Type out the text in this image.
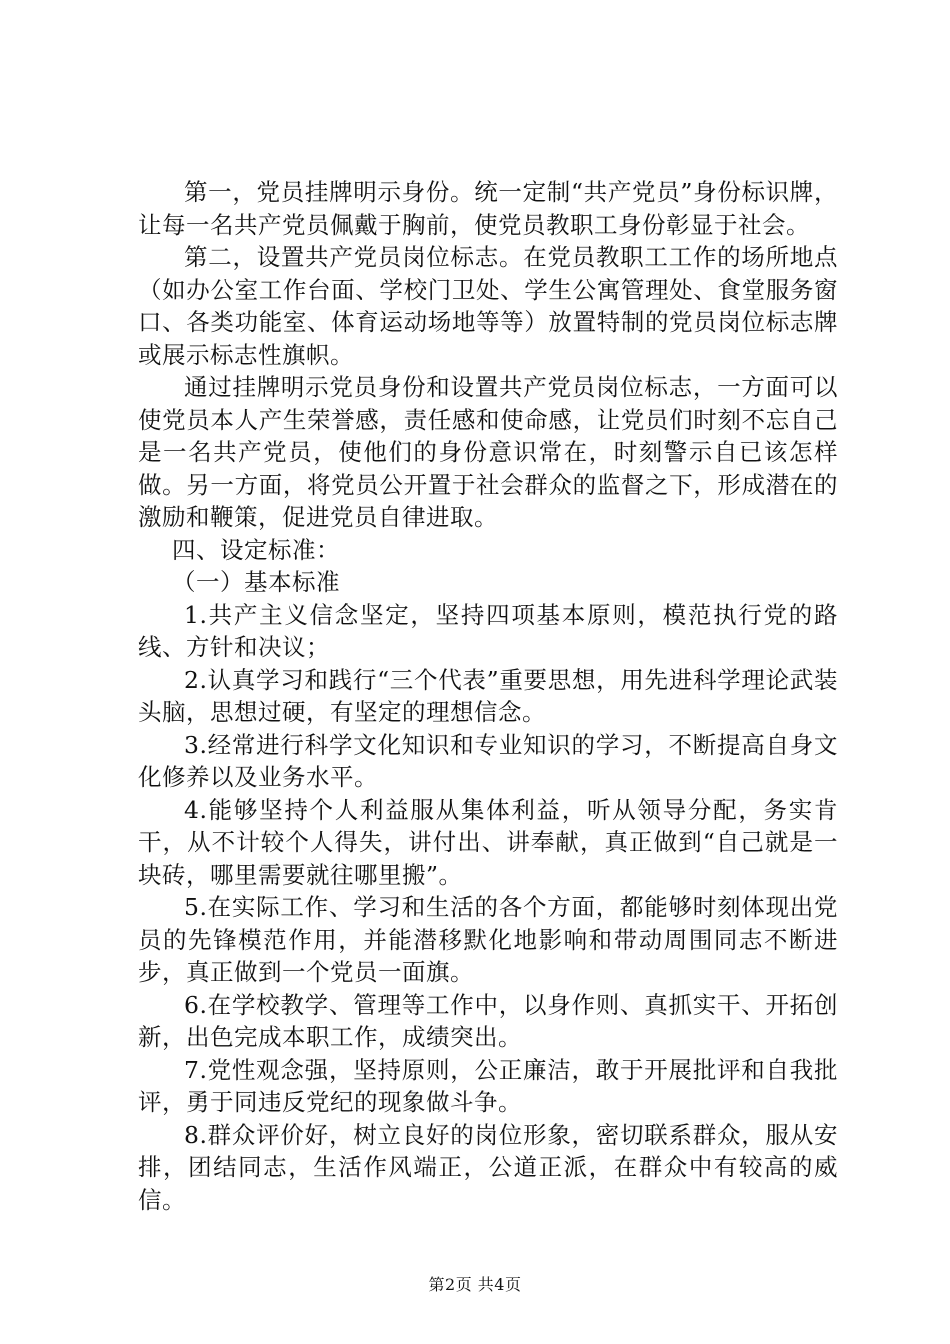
第一，党员挂牌明示身份。统一定制“共产党员”身份标识牌，让每一名共产党员佩戴于胸前，使党员教职工身份彰显于社会。

第二，设置共产党员岗位标志。在党员教职工工作的场所地点（如办公室工作台面、学校门卫处、学生公寓管理处、食堂服务窗口、各类功能室、体育运动场地等等）放置特制的党员岗位标志牌或展示标志性旗帜。

通过挂牌明示党员身份和设置共产党员岗位标志，一方面可以使党员本人产生荣誉感，责任感和使命感，让党员们时刻不忘自己是一名共产党员，使他们的身份意识常在，时刻警示自已该怎样做。另一方面，将党员公开置于社会群众的监督之下，形成潜在的激励和鞭策，促进党员自律进取。

四、设定标准：

（一）基本标准

1.共产主义信念坚定，坚持四项基本原则，模范执行党的路线、方针和决议；

2.认真学习和践行“三个代表”重要思想，用先进科学理论武装头脑，思想过硬，有坚定的理想信念。

3.经常进行科学文化知识和专业知识的学习，不断提高自身文化修养以及业务水平。

4.能够坚持个人利益服从集体利益，听从领导分配，务实肯干，从不计较个人得失，讲付出、讲奉献，真正做到“自己就是一块砖，哪里需要就往哪里搬”。

5.在实际工作、学习和生活的各个方面，都能够时刻体现出党员的先锋模范作用，并能潜移默化地影响和带动周围同志不断进步，真正做到一个党员一面旗。

6.在学校教学、管理等工作中，以身作则、真抓实干、开拓创新，出色完成本职工作，成绩突出。

7.党性观念强，坚持原则，公正廉洁，敢于开展批评和自我批评，勇于同违反党纪的现象做斗争。

8.群众评价好，树立良好的岗位形象，密切联系群众，服从安排，团结同志，生活作风端正，公道正派，在群众中有较高的威信。

第2页 共4页
